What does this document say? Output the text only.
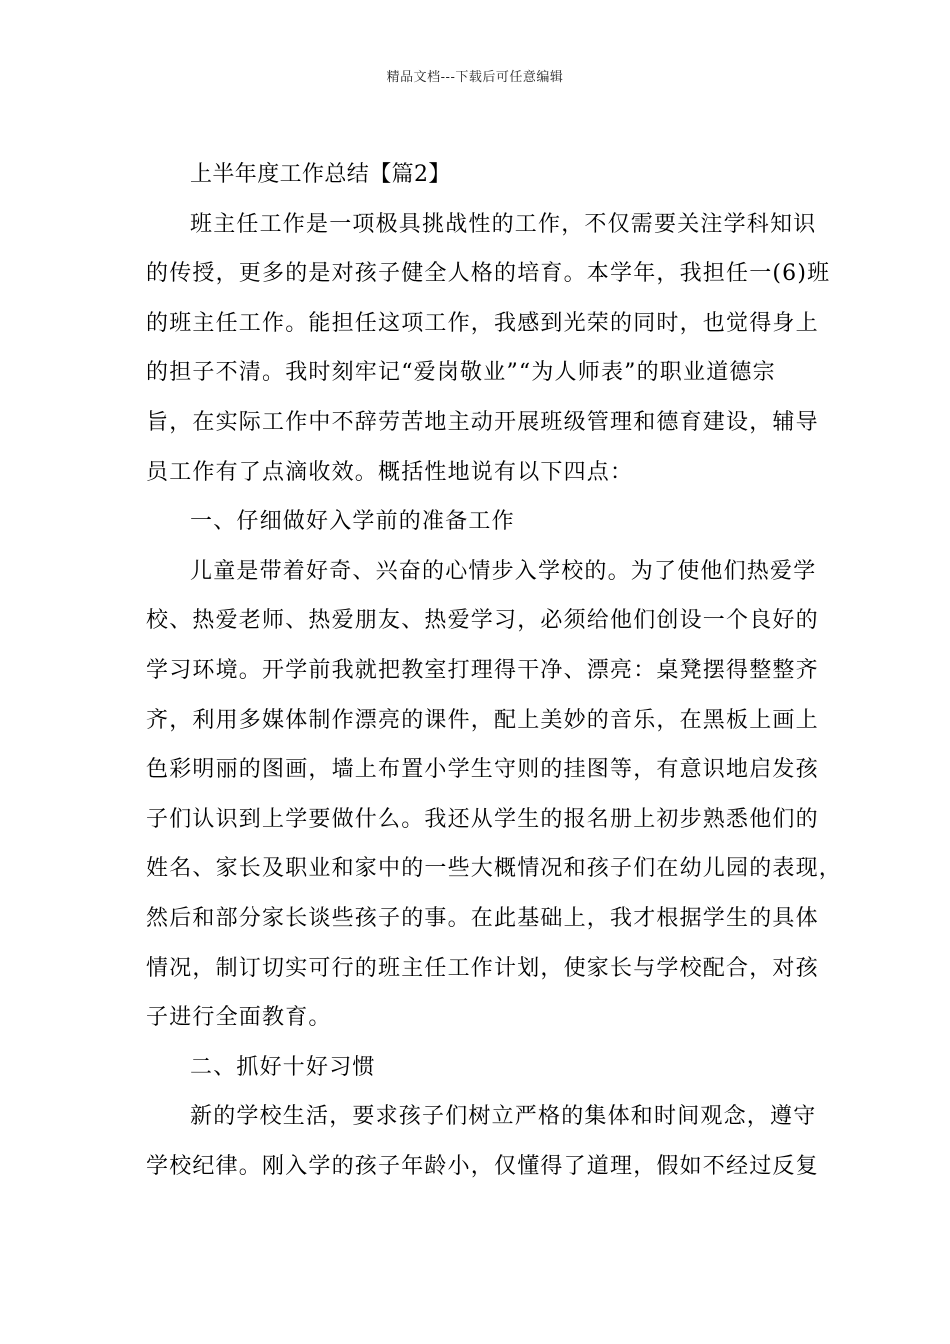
精品文档---下载后可任意编辑
上半年度工作总结【篇2】
班主任工作是一项极具挑战性的工作，不仅需要关注学科知识
的传授，更多的是对孩子健全人格的培育。本学年，我担任一(6)班
的班主任工作。能担任这项工作，我感到光荣的同时，也觉得身上
的担子不清。我时刻牢记“爱岗敬业”“为人师表”的职业道德宗
旨，在实际工作中不辞劳苦地主动开展班级管理和德育建设，辅导
员工作有了点滴收效。概括性地说有以下四点：
一、仔细做好入学前的准备工作
儿童是带着好奇、兴奋的心情步入学校的。为了使他们热爱学
校、热爱老师、热爱朋友、热爱学习，必须给他们创设一个良好的
学习环境。开学前我就把教室打理得干净、漂亮：桌凳摆得整整齐
齐，利用多媒体制作漂亮的课件，配上美妙的音乐，在黑板上画上
色彩明丽的图画，墙上布置小学生守则的挂图等，有意识地启发孩
子们认识到上学要做什么。我还从学生的报名册上初步熟悉他们的
姓名、家长及职业和家中的一些大概情况和孩子们在幼儿园的表现，
然后和部分家长谈些孩子的事。在此基础上，我才根据学生的具体
情况，制订切实可行的班主任工作计划，使家长与学校配合，对孩
子进行全面教育。
二、抓好十好习惯
新的学校生活，要求孩子们树立严格的集体和时间观念，遵守
学校纪律。刚入学的孩子年龄小，仅懂得了道理，假如不经过反复
